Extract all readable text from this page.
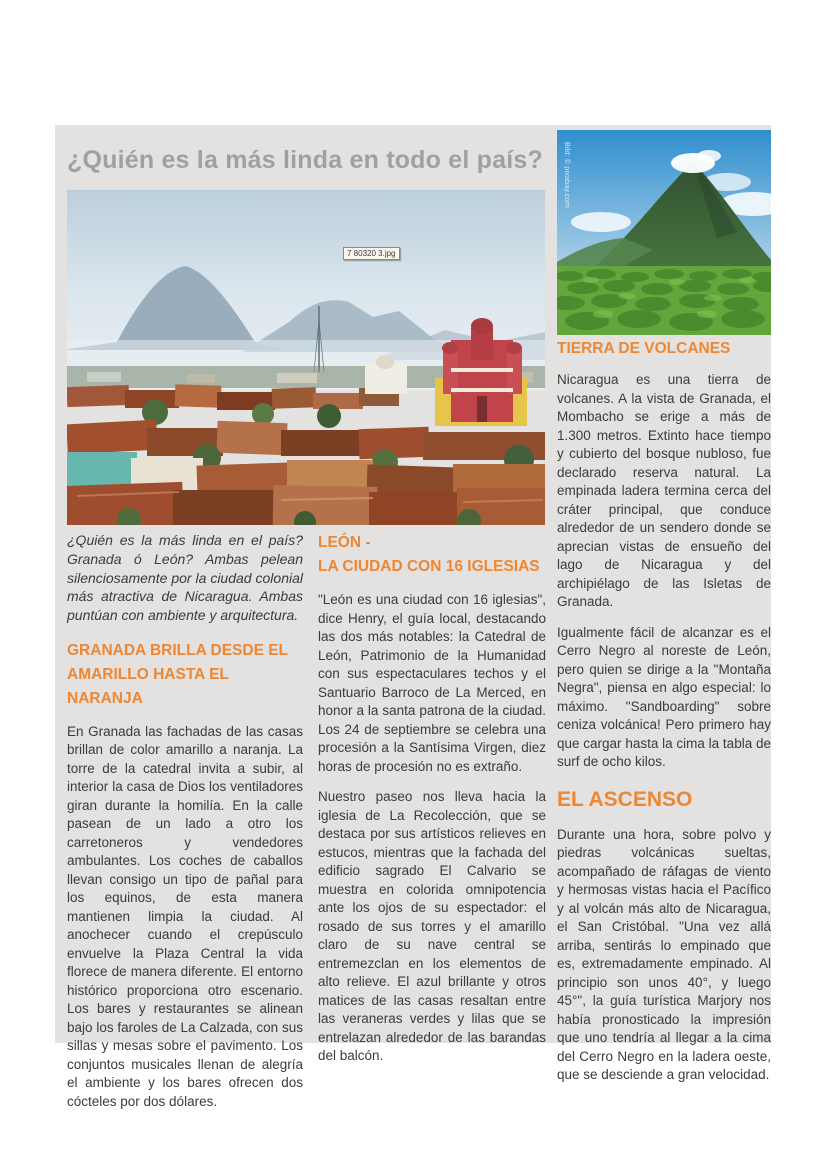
¿Quién es la más linda en todo el país?
7 80320 3.jpg
Bild: © pixabay.com

¿Quién es la más linda en el país? Granada ó León? Ambas pelean silenciosamente por la ciudad colonial más atractiva de Nicaragua. Ambas puntúan con ambiente y arquitectura.

GRANADA BRILLA DESDE EL AMARILLO HASTA EL NARANJA

En Granada las fachadas de las casas brillan de color amarillo a naranja. La torre de la catedral invita a subir, al interior la casa de Dios los ventiladores giran durante la homilía. En la calle pasean de un lado a otro los carretoneros y vendedores ambulantes. Los coches de caballos llevan consigo un tipo de pañal para los equinos, de esta manera mantienen limpia la ciudad. Al anochecer cuando el crepúsculo envuelve la Plaza Central la vida florece de manera diferente. El entorno histórico proporciona otro escenario. Los bares y restaurantes se alinean bajo los faroles de La Calzada, con sus sillas y mesas sobre el pavimento. Los conjuntos musicales llenan de alegría el ambiente y los bares ofrecen dos cócteles por dos dólares.

LEÓN -
LA CIUDAD CON 16 IGLESIAS

"León es una ciudad con 16 iglesias", dice Henry, el guía local, destacando las dos más notables: la Catedral de León, Patrimonio de la Humanidad con sus espectaculares techos y el Santuario Barroco de La Merced, en honor a la santa patrona de la ciudad. Los 24 de septiembre se celebra una procesión a la Santísima Virgen, diez horas de procesión no es extraño.

Nuestro paseo nos lleva hacia la iglesia de La Recolección, que se destaca por sus artísticos relieves en estucos, mientras que la fachada del edificio sagrado El Calvario se muestra en colorida omnipotencia ante los ojos de su espectador: el rosado de sus torres y el amarillo claro de su nave central se entremezclan en los elementos de alto relieve. El azul brillante y otros matices de las casas resaltan entre las veraneras verdes y lilas que se entrelazan alrededor de las barandas del balcón.

TIERRA DE VOLCANES

Nicaragua es una tierra de volcanes. A la vista de Granada, el Mombacho se erige a más de 1.300 metros. Extinto hace tiempo y cubierto del bosque nubloso, fue declarado reserva natural. La empinada ladera termina cerca del cráter principal, que conduce alrededor de un sendero donde se aprecian vistas de ensueño del lago de Nicaragua y del archipiélago de las Isletas de Granada.

Igualmente fácil de alcanzar es el Cerro Negro al noreste de León, pero quien se dirige a la "Montaña Negra", piensa en algo especial: lo máximo. "Sandboarding" sobre ceniza volcánica! Pero primero hay que cargar hasta la cima la tabla de surf de ocho kilos.

EL ASCENSO

Durante una hora, sobre polvo y piedras volcánicas sueltas, acompañado de ráfagas de viento y hermosas vistas hacia el Pacífico y al volcán más alto de Nicaragua, el San Cristóbal. "Una vez allá arriba, sentirás lo empinado que es, extremadamente empinado. Al principio son unos 40°, y luego 45°", la guía turística Marjory nos había pronosticado la impresión que uno tendría al llegar a la cima del Cerro Negro en la ladera oeste, que se desciende a gran velocidad.
